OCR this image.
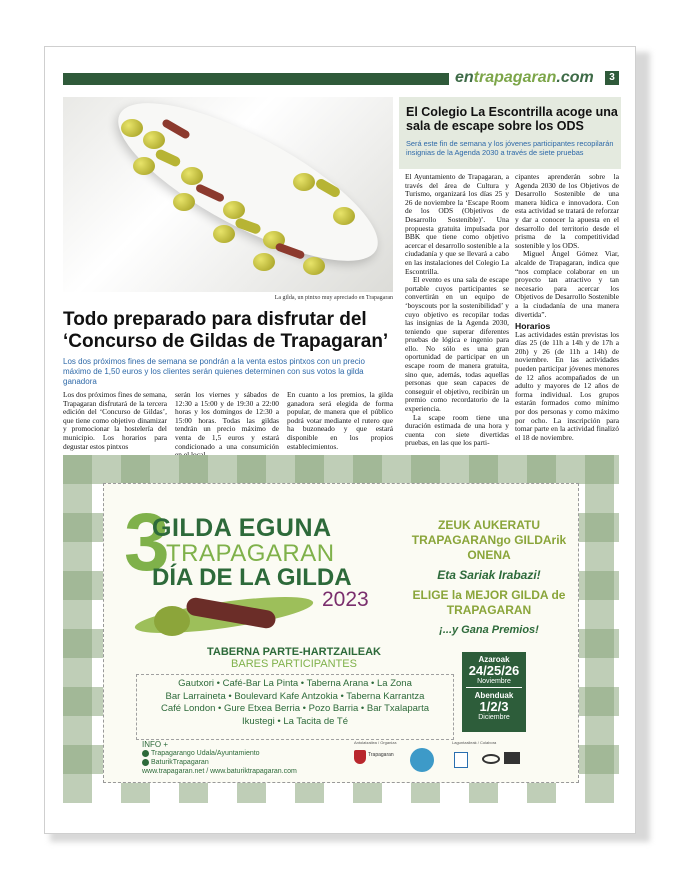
entrapagaran.com	3
La gilda, un pintxo muy apreciado en Trapagaran
Todo preparado para disfrutar del ‘Concurso de Gildas de Trapagaran’
Los dos próximos fines de semana se pondrán a la venta estos pintxos con un precio máximo de 1,50 euros y los clientes serán quienes determinen con sus votos la gilda ganadora
Los dos próximos fines de semana, Trapagaran disfrutará de la tercera edición del ‘Concurso de Gildas’, que tiene como objetivo dinamizar y promocionar la hostelería del municipio. Los horarios para degustar estos pintxos
serán los viernes y sábados de 12:30 a 15:00 y de 19:30 a 22:00 horas y los domingos de 12:30 a 15:00 horas. Todas las gildas tendrán un precio máximo de venta de 1,5 euros y estará condicionado a una consumición
En cuanto a los premios, la gilda ganadora será elegida de forma popular, de manera que el público podrá votar mediante el rutero que ha buzoneado y que estará disponible en los propios establecimientos.
El Colegio La Escontrilla acoge una sala de escape sobre los ODS
Será este fin de semana y los jóvenes participantes recopilarán insignias de la Agenda 2030 a través de siete pruebas
El Ayuntamiento de Trapagaran, a través del área de Cultura y Turismo, organizará los días 25 y 26 de noviembre la ‘Escape Room de los ODS (Objetivos de Desarrollo Sostenible)’. Una propuesta gratuita impulsada por BBK que tiene como objetivo acercar el desarrollo sostenible a la ciudadanía y que se llevará a cabo en las instalaciones del Colegio La Escontrilla.
El evento es una sala de escape portable cuyos participantes se convertirán en un equipo de ‘boyscouts por la sostenibilidad’ y cuyo objetivo es recopilar todas las insignias de la Agenda 2030, teniendo que superar diferentes pruebas de lógica e ingenio para ello. No sólo es una gran oportunidad de participar en un escape room de manera gratuita, sino que, además, todas aquellas personas que sean capaces de conseguir el objetivo, recibirán un premio como recordatorio de la experiencia.
La scape room tiene una duración estimada de una hora y cuenta con siete divertidas pruebas, en las que los parti-
cipantes aprenderán sobre la Agenda 2030 de los Objetivos de Desarrollo Sostenible de una manera lúdica e innovadora. Con esta actividad se tratará de reforzar y dar a conocer la apuesta en el desarrollo del territorio desde el prisma de la competitividad sostenible y los ODS.
Miguel Ángel Gómez Viar, alcalde de Trapagaran, indica que “nos complace colaborar en un proyecto tan atractivo y tan necesario para acercar los Objetivos de Desarrollo Sostenible a la ciudadanía de una manera divertida”.
Horarios
Las actividades están previstas los días 25 (de 11h a 14h y de 17h a 20h) y 26 (de 11h a 14h) de noviembre. En las actividades pueden participar jóvenes menores de 12 años acompañados de un adulto y mayores de 12 años de forma individual. Los grupos estarán formados como mínimo por dos personas y como máximo por ocho. La inscripción para tomar parte en la actividad finalizó el 18 de noviembre.
3
GILDA EGUNA
TRAPAGARAN
DÍA DE LA GILDA
2023
ZEUK AUKERATU TRAPAGARANgo GILDArik ONENA
Eta Sariak Irabazi!
ELIGE la MEJOR GILDA de TRAPAGARAN
¡...y Gana Premios!
TABERNA PARTE-HARTZAILEAK
BARES PARTICIPANTES
Gautxori • Café-Bar La Pinta • Taberna Arana • La Zona
Bar Larraineta • Boulevard Kafe Antzokia • Taberna Karrantza
Café London • Gure Etxea Berria • Pozo Barria • Bar Txalaparta
Ikustegi • La Tacita de Té
Azaroak
24/25/26
Noviembre
Abenduak
1/2/3
Diciembre
INFO +
Trapagarango Udala/Ayuntamiento
BaturikTrapagaran
www.trapagaran.net / www.baturiktrapagaran.com
Antolatzailea / Organiza	Laguntzaileak / Colabora
Trapagaran
